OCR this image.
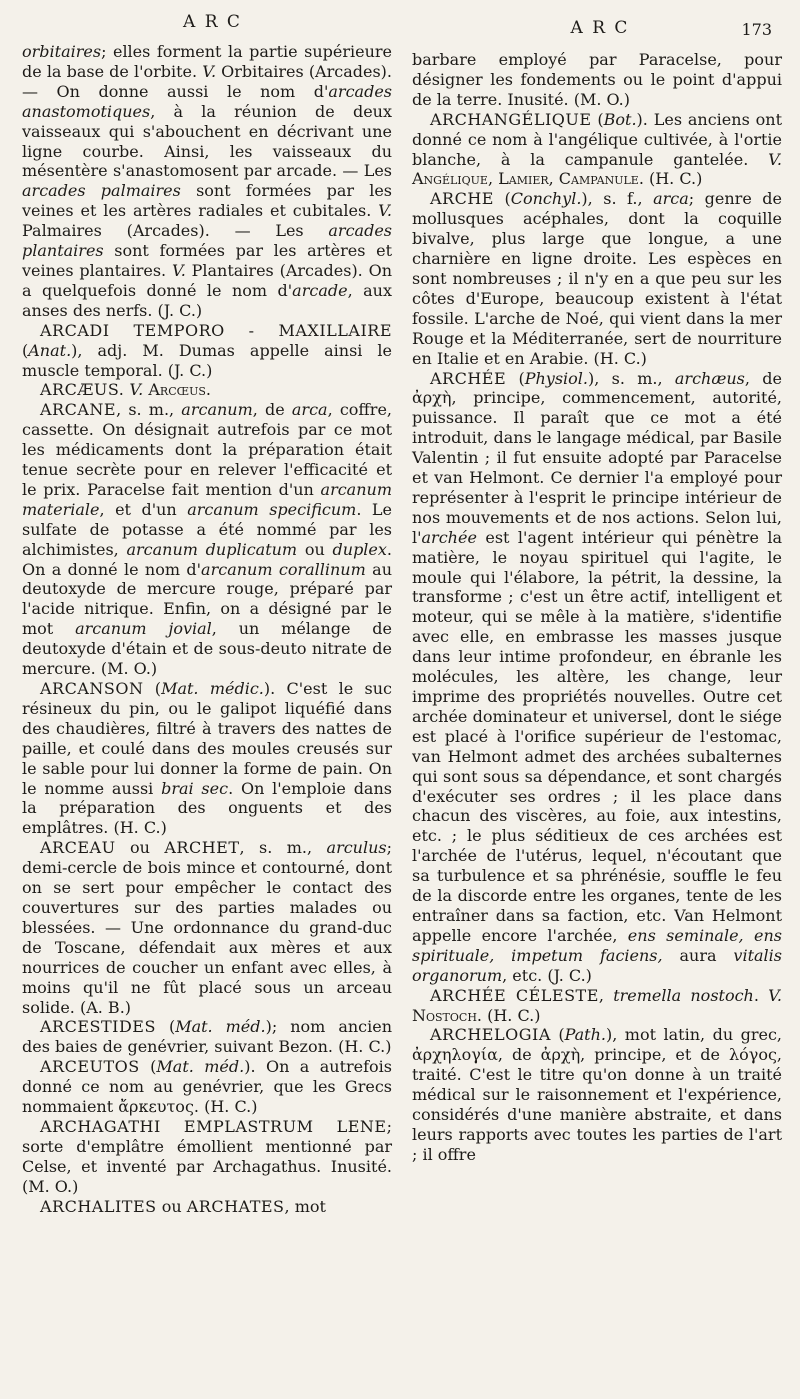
A R C	A R C	173

orbitaires; elles forment la partie supérieure de la base de l'orbite. V. Orbitaires (Arcades). — On donne aussi le nom d'arcades anastomotiques, à la réunion de deux vaisseaux qui s'abouchent en décrivant une ligne courbe. Ainsi, les vaisseaux du mésentère s'anastomosent par arcade. — Les arcades palmaires sont formées par les veines et les artères radiales et cubitales. V. Palmaires (Arcades). — Les arcades plantaires sont formées par les artères et veines plantaires. V. Plantaires (Arcades). On a quelquefois donné le nom d'arcade, aux anses des nerfs. (J. C.)

ARCADI TEMPORO - MAXILLAIRE (Anat.), adj. M. Dumas appelle ainsi le muscle temporal. (J. C.)

ARCÆUS. V. Arcœus.

ARCANE, s. m., arcanum, de arca, coffre, cassette. On désignait autrefois par ce mot les médicaments dont la préparation était tenue secrète pour en relever l'efficacité et le prix. Paracelse fait mention d'un arcanum materiale, et d'un arcanum specificum. Le sulfate de potasse a été nommé par les alchimistes, arcanum duplicatum ou duplex. On a donné le nom d'arcanum corallinum au deutoxyde de mercure rouge, préparé par l'acide nitrique. Enfin, on a désigné par le mot arcanum jovial, un mélange de deutoxyde d'étain et de sous-deuto nitrate de mercure. (M. O.)

ARCANSON (Mat. médic.). C'est le suc résineux du pin, ou le galipot liquéfié dans des chaudières, filtré à travers des nattes de paille, et coulé dans des moules creusés sur le sable pour lui donner la forme de pain. On le nomme aussi brai sec. On l'emploie dans la préparation des onguents et des emplâtres. (H. C.)

ARCEAU ou ARCHET, s. m., arculus; demi-cercle de bois mince et contourné, dont on se sert pour empêcher le contact des couvertures sur des parties malades ou blessées. — Une ordonnance du grand-duc de Toscane, défendait aux mères et aux nourrices de coucher un enfant avec elles, à moins qu'il ne fût placé sous un arceau solide. (A. B.)

ARCESTIDES (Mat. méd.); nom ancien des baies de genévrier, suivant Bezon. (H. C.)

ARCEUTOS (Mat. méd.). On a autrefois donné ce nom au genévrier, que les Grecs nommaient ἄρκευτος. (H. C.)

ARCHAGATHI EMPLASTRUM LENE; sorte d'emplâtre émollient mentionné par Celse, et inventé par Archagathus. Inusité. (M. O.)

ARCHALITES ou ARCHATES, mot

barbare employé par Paracelse, pour désigner les fondements ou le point d'appui de la terre. Inusité. (M. O.)

ARCHANGÉLIQUE (Bot.). Les anciens ont donné ce nom à l'angélique cultivée, à l'ortie blanche, à la campanule gantelée. V. Angélique, Lamier, Campanule. (H. C.)

ARCHE (Conchyl.), s. f., arca; genre de mollusques acéphales, dont la coquille bivalve, plus large que longue, a une charnière en ligne droite. Les espèces en sont nombreuses ; il n'y en a que peu sur les côtes d'Europe, beaucoup existent à l'état fossile. L'arche de Noé, qui vient dans la mer Rouge et la Méditerranée, sert de nourriture en Italie et en Arabie. (H. C.)

ARCHÉE (Physiol.), s. m., archæus, de ἀρχὴ, principe, commencement, autorité, puissance. Il paraît que ce mot a été introduit, dans le langage médical, par Basile Valentin ; il fut ensuite adopté par Paracelse et van Helmont. Ce dernier l'a employé pour représenter à l'esprit le principe intérieur de nos mouvements et de nos actions. Selon lui, l'archée est l'agent intérieur qui pénètre la matière, le noyau spirituel qui l'agite, le moule qui l'élabore, la pétrit, la dessine, la transforme ; c'est un être actif, intelligent et moteur, qui se mêle à la matière, s'identifie avec elle, en embrasse les masses jusque dans leur intime profondeur, en ébranle les molécules, les altère, les change, leur imprime des propriétés nouvelles. Outre cet archée dominateur et universel, dont le siége est placé à l'orifice supérieur de l'estomac, van Helmont admet des archées subalternes qui sont sous sa dépendance, et sont chargés d'exécuter ses ordres ; il les place dans chacun des viscères, au foie, aux intestins, etc. ; le plus séditieux de ces archées est l'archée de l'utérus, lequel, n'écoutant que sa turbulence et sa phrénésie, souffle le feu de la discorde entre les organes, tente de les entraîner dans sa faction, etc. Van Helmont appelle encore l'archée, ens seminale, ens spirituale, impetum faciens, aura vitalis organorum, etc. (J. C.)

ARCHÉE CÉLESTE, tremella nostoch. V. Nostoch. (H. C.)

ARCHELOGIA (Path.), mot latin, du grec, ἀρχηλογία, de ἀρχὴ, principe, et de λόγος, traité. C'est le titre qu'on donne à un traité médical sur le raisonnement et l'expérience, considérés d'une manière abstraite, et dans leurs rapports avec toutes les parties de l'art ; il offre
